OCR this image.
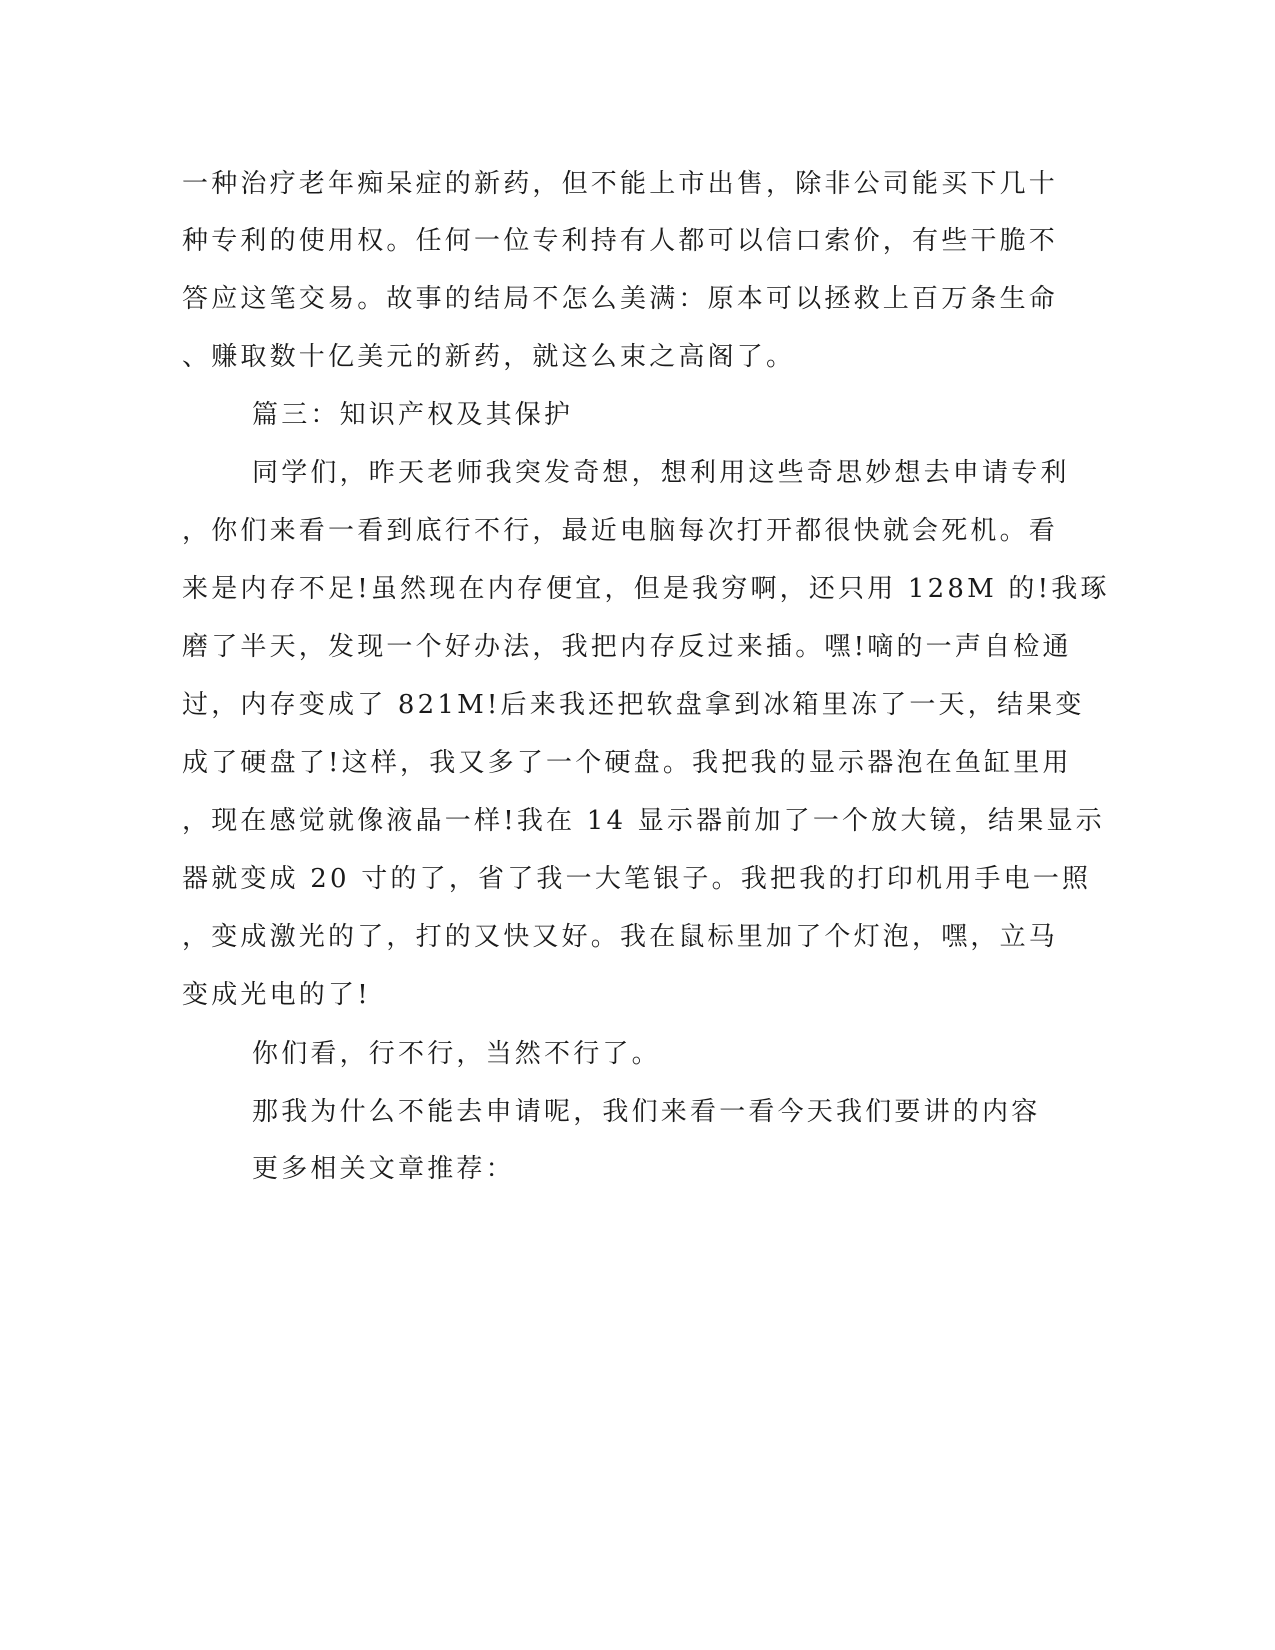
一种治疗老年痴呆症的新药，但不能上市出售，除非公司能买下几十
种专利的使用权。任何一位专利持有人都可以信口索价，有些干脆不
答应这笔交易。故事的结局不怎么美满：原本可以拯救上百万条生命
、赚取数十亿美元的新药，就这么束之高阁了。
篇三：知识产权及其保护
同学们，昨天老师我突发奇想，想利用这些奇思妙想去申请专利
，你们来看一看到底行不行，最近电脑每次打开都很快就会死机。看
来是内存不足!虽然现在内存便宜，但是我穷啊，还只用 128M 的!我琢
磨了半天，发现一个好办法，我把内存反过来插。嘿!嘀的一声自检通
过，内存变成了 821M!后来我还把软盘拿到冰箱里冻了一天，结果变
成了硬盘了!这样，我又多了一个硬盘。我把我的显示器泡在鱼缸里用
，现在感觉就像液晶一样!我在 14 显示器前加了一个放大镜，结果显示
器就变成 20 寸的了，省了我一大笔银子。我把我的打印机用手电一照
，变成激光的了，打的又快又好。我在鼠标里加了个灯泡，嘿，立马
变成光电的了!
你们看，行不行，当然不行了。
那我为什么不能去申请呢，我们来看一看今天我们要讲的内容
更多相关文章推荐：
